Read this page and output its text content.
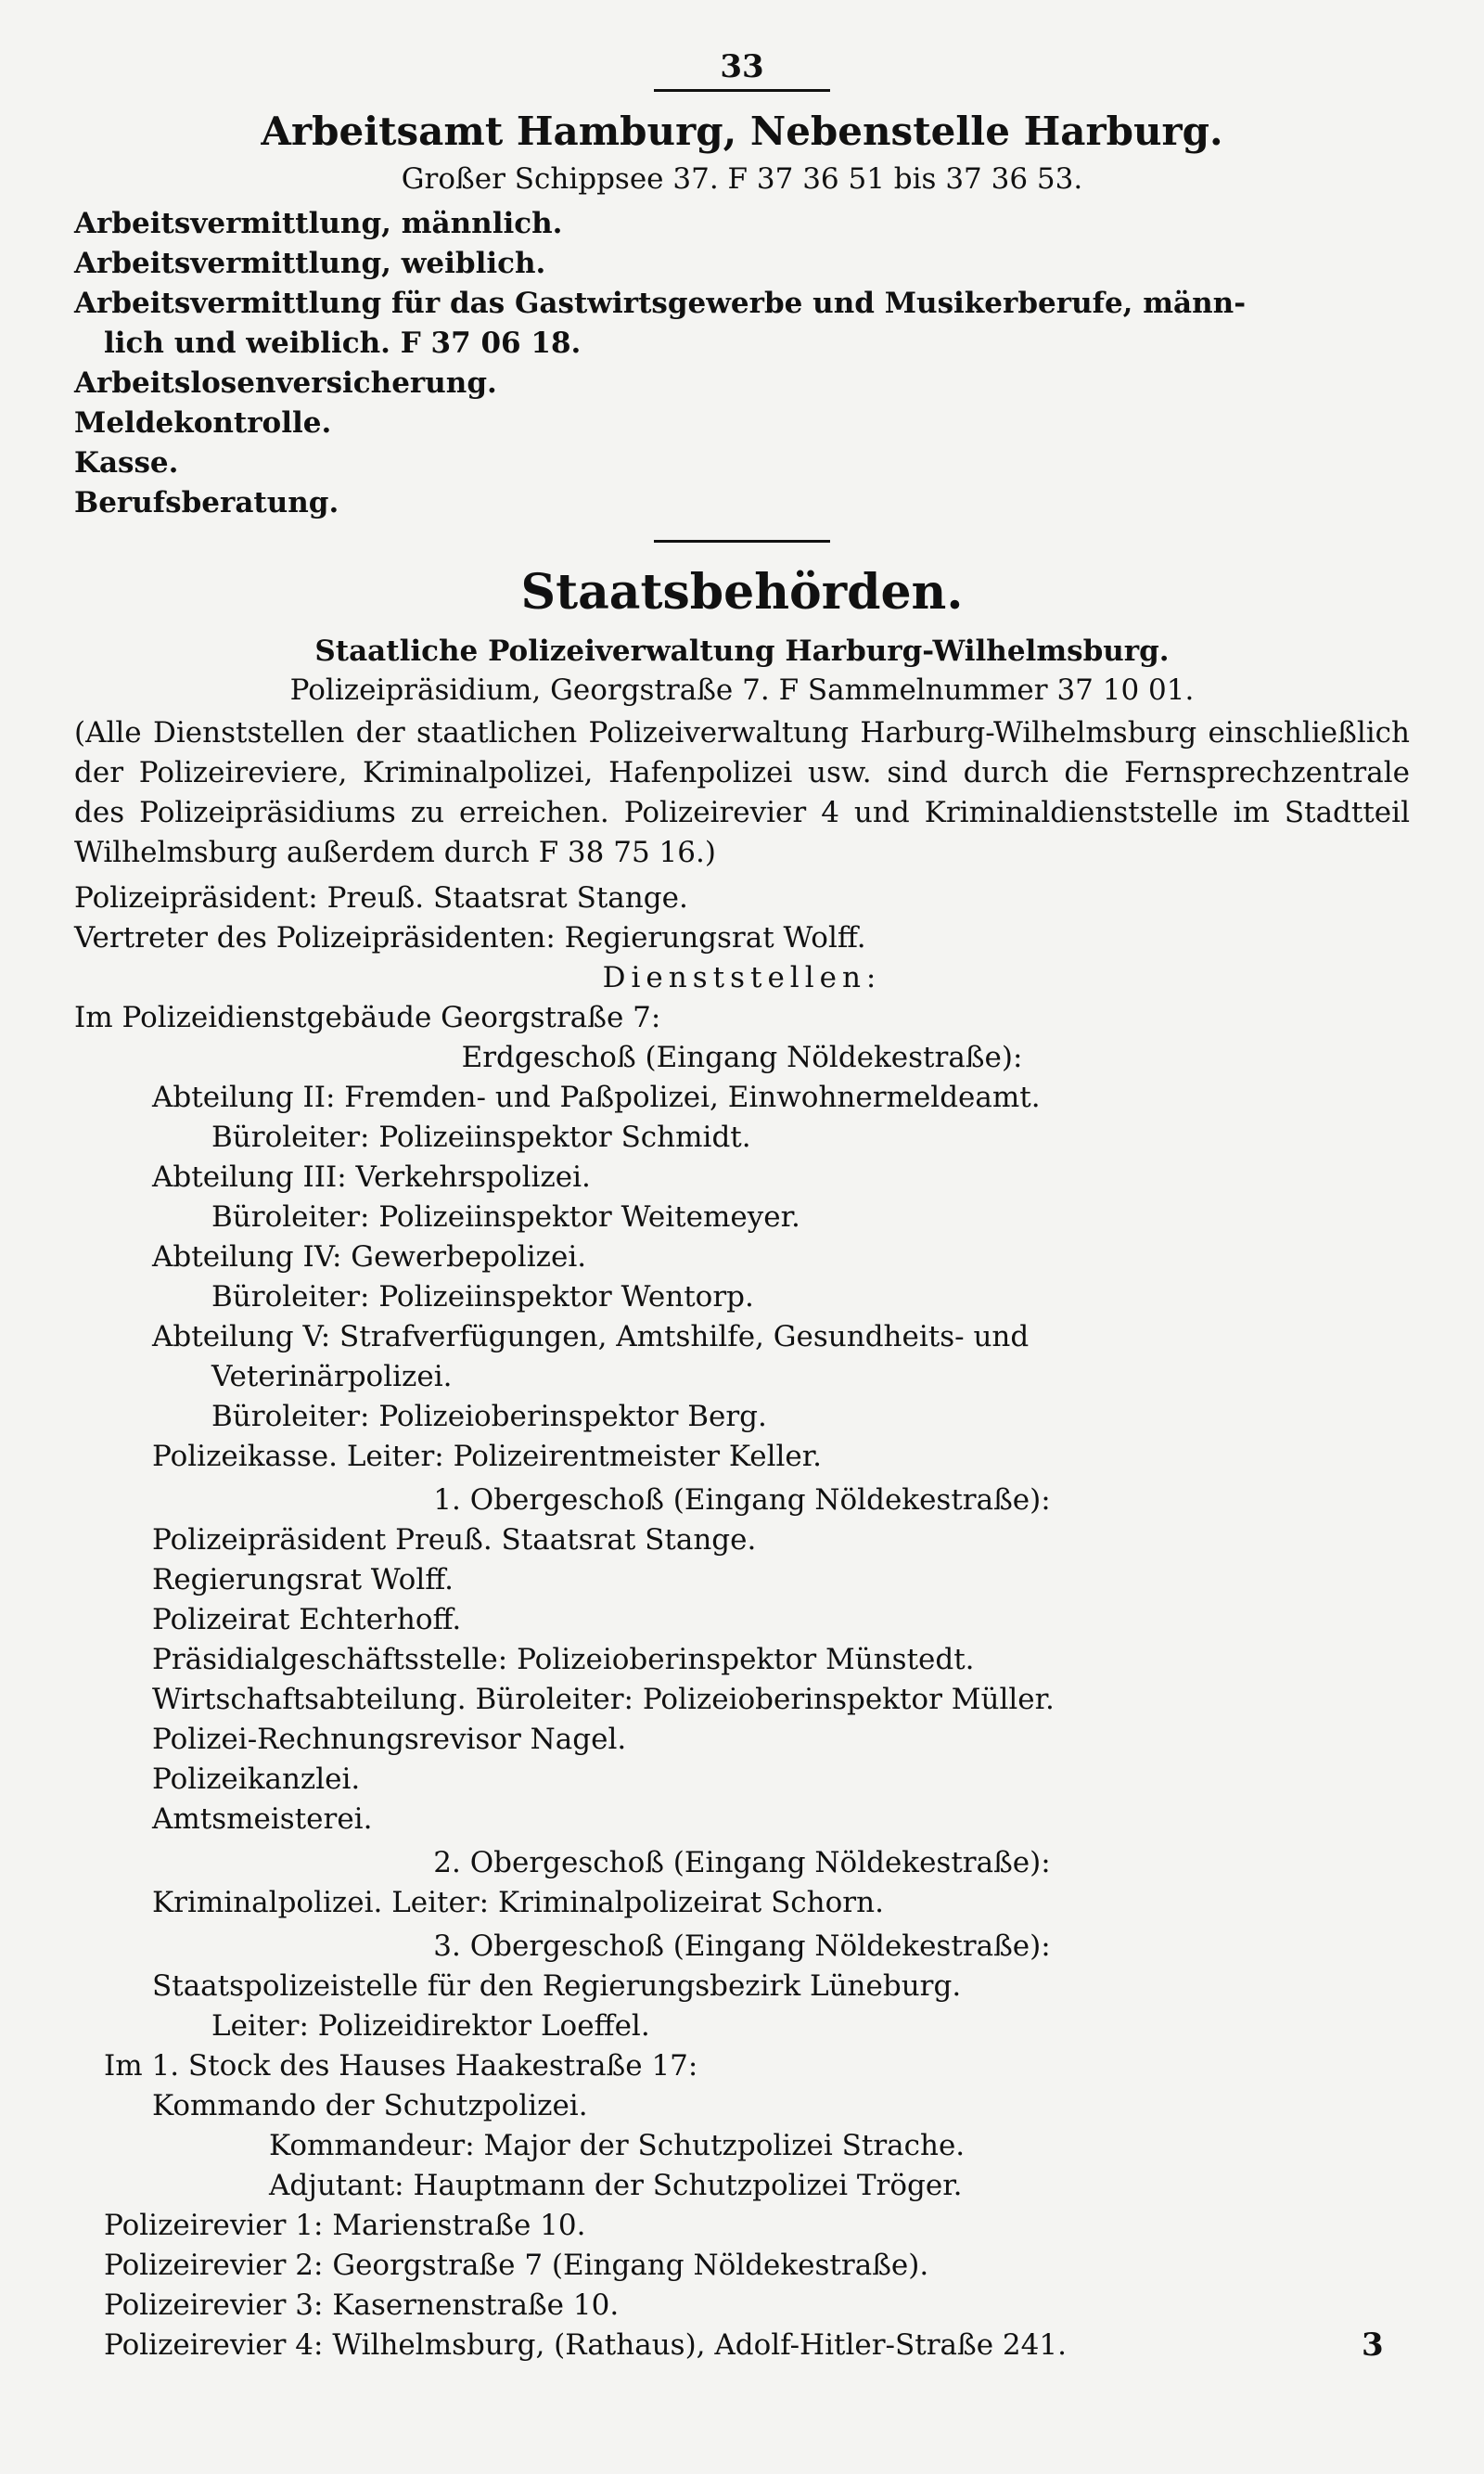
33

Arbeitsamt Hamburg, Nebenstelle Harburg.

Großer Schippsee 37. F 37 36 51 bis 37 36 53.

Arbeitsvermittlung, männlich.

Arbeitsvermittlung, weiblich.

Arbeitsvermittlung für das Gastwirtsgewerbe und Musikerberufe, männ-

lich und weiblich. F 37 06 18.

Arbeitslosenversicherung.

Meldekontrolle.

Kasse.

Berufsberatung.

Staatsbehörden.

Staatliche Polizeiverwaltung Harburg-Wilhelmsburg.

Polizeipräsidium, Georgstraße 7. F Sammelnummer 37 10 01.

(Alle Dienststellen der staatlichen Polizeiverwaltung Harburg-Wilhelmsburg einschließlich der Polizeireviere, Kriminalpolizei, Hafenpolizei usw. sind durch die Fernsprechzentrale des Polizeipräsidiums zu erreichen. Polizeirevier 4 und Kriminaldienststelle im Stadtteil Wilhelmsburg außerdem durch F 38 75 16.)

Polizeipräsident: Preuß. Staatsrat Stange.

Vertreter des Polizeipräsidenten: Regierungsrat Wolff.

Dienststellen:

Im Polizeidienstgebäude Georgstraße 7:

Erdgeschoß (Eingang Nöldekestraße):

Abteilung II: Fremden- und Paßpolizei, Einwohnermeldeamt.

Büroleiter: Polizeiinspektor Schmidt.

Abteilung III: Verkehrspolizei.

Büroleiter: Polizeiinspektor Weitemeyer.

Abteilung IV: Gewerbepolizei.

Büroleiter: Polizeiinspektor Wentorp.

Abteilung V: Strafverfügungen, Amtshilfe, Gesundheits- und

Veterinärpolizei.

Büroleiter: Polizeioberinspektor Berg.

Polizeikasse. Leiter: Polizeirentmeister Keller.

1. Obergeschoß (Eingang Nöldekestraße):

Polizeipräsident Preuß. Staatsrat Stange.

Regierungsrat Wolff.

Polizeirat Echterhoff.

Präsidialgeschäftsstelle: Polizeioberinspektor Münstedt.

Wirtschaftsabteilung. Büroleiter: Polizeioberinspektor Müller.

Polizei-Rechnungsrevisor Nagel.

Polizeikanzlei.

Amtsmeisterei.

2. Obergeschoß (Eingang Nöldekestraße):

Kriminalpolizei. Leiter: Kriminalpolizeirat Schorn.

3. Obergeschoß (Eingang Nöldekestraße):

Staatspolizeistelle für den Regierungsbezirk Lüneburg.

Leiter: Polizeidirektor Loeffel.

Im 1. Stock des Hauses Haakestraße 17:

Kommando der Schutzpolizei.

Kommandeur: Major der Schutzpolizei Strache.

Adjutant: Hauptmann der Schutzpolizei Tröger.

Polizeirevier 1: Marienstraße 10.

Polizeirevier 2: Georgstraße 7 (Eingang Nöldekestraße).

Polizeirevier 3: Kasernenstraße 10.

Polizeirevier 4: Wilhelmsburg, (Rathaus), Adolf-Hitler-Straße 241.	3
